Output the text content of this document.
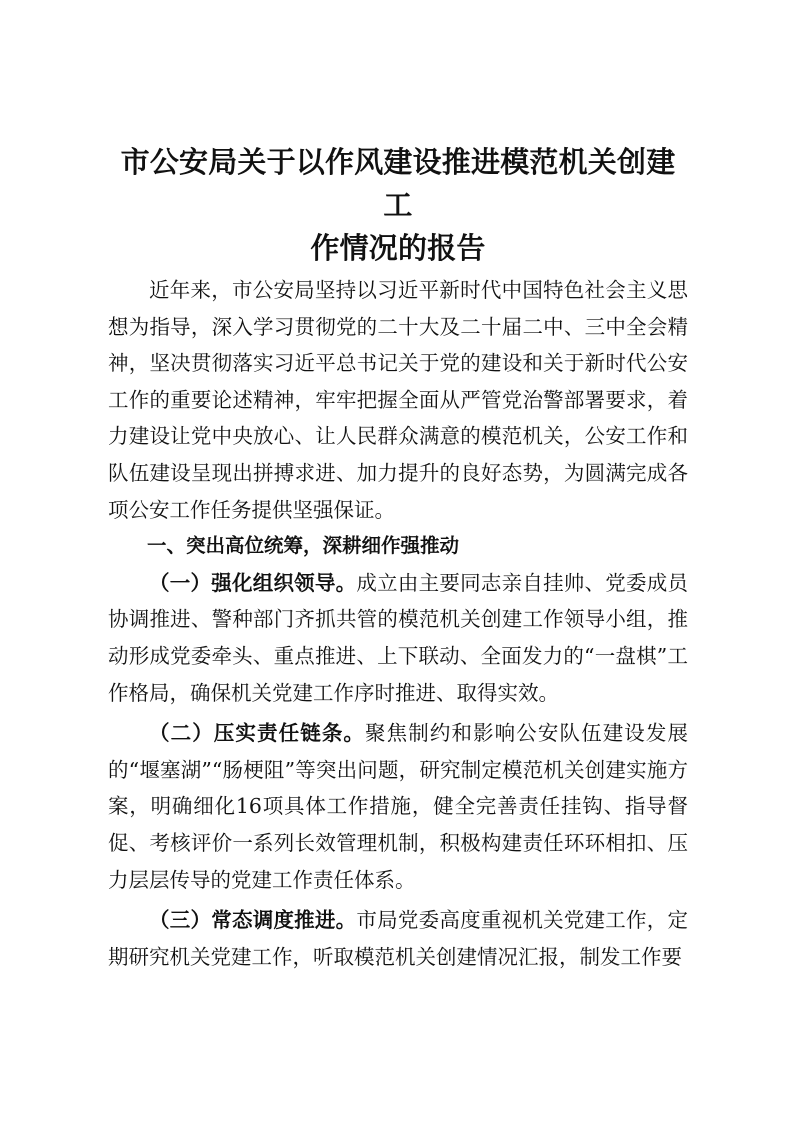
市公安局关于以作风建设推进模范机关创建工
作情况的报告

近年来，市公安局坚持以习近平新时代中国特色社会主义思想为指导，深入学习贯彻党的二十大及二十届二中、三中全会精神，坚决贯彻落实习近平总书记关于党的建设和关于新时代公安工作的重要论述精神，牢牢把握全面从严管党治警部署要求，着力建设让党中央放心、让人民群众满意的模范机关，公安工作和队伍建设呈现出拼搏求进、加力提升的良好态势，为圆满完成各项公安工作任务提供坚强保证。

一、突出高位统筹，深耕细作强推动

（一）强化组织领导。成立由主要同志亲自挂帅、党委成员协调推进、警种部门齐抓共管的模范机关创建工作领导小组，推动形成党委牵头、重点推进、上下联动、全面发力的“一盘棋”工作格局，确保机关党建工作序时推进、取得实效。

（二）压实责任链条。聚焦制约和影响公安队伍建设发展的“堰塞湖”“肠梗阻”等突出问题，研究制定模范机关创建实施方案，明确细化16项具体工作措施，健全完善责任挂钩、指导督促、考核评价一系列长效管理机制，积极构建责任环环相扣、压力层层传导的党建工作责任体系。

（三）常态调度推进。市局党委高度重视机关党建工作，定期研究机关党建工作，听取模范机关创建情况汇报，制发工作要
